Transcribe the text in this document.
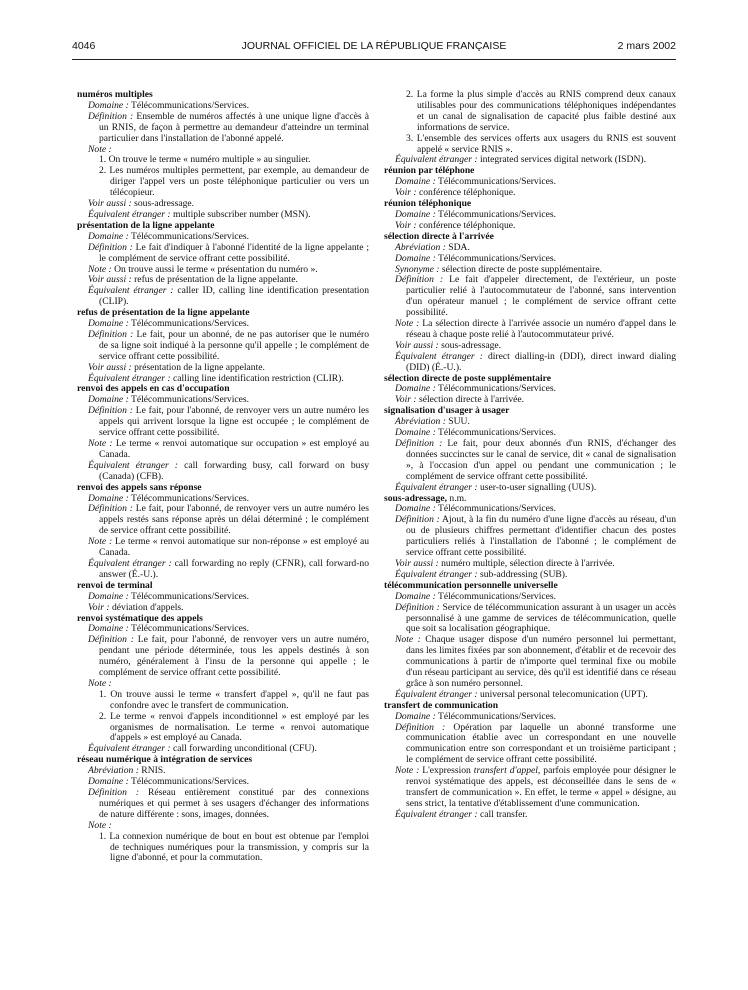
4046	JOURNAL OFFICIEL DE LA RÉPUBLIQUE FRANÇAISE	2 mars 2002

numéros multiples

Domaine : Télécommunications/Services.

Définition : Ensemble de numéros affectés à une unique ligne d'accès à un RNIS, de façon à permettre au demandeur d'atteindre un terminal particulier dans l'installation de l'abonné appelé.

Note :

1. On trouve le terme « numéro multiple » au singulier.

2. Les numéros multiples permettent, par exemple, au demandeur de diriger l'appel vers un poste téléphonique particulier ou vers un télécopieur.

Voir aussi : sous-adressage.

Équivalent étranger : multiple subscriber number (MSN).

présentation de la ligne appelante

Domaine : Télécommunications/Services.

Définition : Le fait d'indiquer à l'abonné l'identité de la ligne appelante ; le complément de service offrant cette possibilité.

Note : On trouve aussi le terme « présentation du numéro ».

Voir aussi : refus de présentation de la ligne appelante.

Équivalent étranger : caller ID, calling line identification presentation (CLIP).

refus de présentation de la ligne appelante

Domaine : Télécommunications/Services.

Définition : Le fait, pour un abonné, de ne pas autoriser que le numéro de sa ligne soit indiqué à la personne qu'il appelle ; le complément de service offrant cette possibilité.

Voir aussi : présentation de la ligne appelante.

Équivalent étranger : calling line identification restriction (CLIR).

renvoi des appels en cas d'occupation

Domaine : Télécommunications/Services.

Définition : Le fait, pour l'abonné, de renvoyer vers un autre numéro les appels qui arrivent lorsque la ligne est occupée ; le complément de service offrant cette possibilité.

Note : Le terme « renvoi automatique sur occupation » est employé au Canada.

Équivalent étranger : call forwarding busy, call forward on busy (Canada) (CFB).

renvoi des appels sans réponse

Domaine : Télécommunications/Services.

Définition : Le fait, pour l'abonné, de renvoyer vers un autre numéro les appels restés sans réponse après un délai déterminé ; le complément de service offrant cette possibilité.

Note : Le terme « renvoi automatique sur non-réponse » est employé au Canada.

Équivalent étranger : call forwarding no reply (CFNR), call forward-no answer (É.-U.).

renvoi de terminal

Domaine : Télécommunications/Services.

Voir : déviation d'appels.

renvoi systématique des appels

Domaine : Télécommunications/Services.

Définition : Le fait, pour l'abonné, de renvoyer vers un autre numéro, pendant une période déterminée, tous les appels destinés à son numéro, généralement à l'insu de la personne qui appelle ; le complément de service offrant cette possibilité.

Note :

1. On trouve aussi le terme « transfert d'appel », qu'il ne faut pas confondre avec le transfert de communication.

2. Le terme « renvoi d'appels inconditionnel » est employé par les organismes de normalisation. Le terme « renvoi automatique d'appels » est employé au Canada.

Équivalent étranger : call forwarding unconditional (CFU).

réseau numérique à intégration de services

Abréviation : RNIS.

Domaine : Télécommunications/Services.

Définition : Réseau entièrement constitué par des connexions numériques et qui permet à ses usagers d'échanger des informations de nature différente : sons, images, données.

Note :

1. La connexion numérique de bout en bout est obtenue par l'emploi de techniques numériques pour la transmission, y compris sur la ligne d'abonné, et pour la commutation.

2. La forme la plus simple d'accès au RNIS comprend deux canaux utilisables pour des communications téléphoniques indépendantes et un canal de signalisation de capacité plus faible destiné aux informations de service.

3. L'ensemble des services offerts aux usagers du RNIS est souvent appelé « service RNIS ».

Équivalent étranger : integrated services digital network (ISDN).

réunion par téléphone

Domaine : Télécommunications/Services.

Voir : conférence téléphonique.

réunion téléphonique

Domaine : Télécommunications/Services.

Voir : conférence téléphonique.

sélection directe à l'arrivée

Abréviation : SDA.

Domaine : Télécommunications/Services.

Synonyme : sélection directe de poste supplémentaire.

Définition : Le fait d'appeler directement, de l'extérieur, un poste particulier relié à l'autocommutateur de l'abonné, sans intervention d'un opérateur manuel ; le complément de service offrant cette possibilité.

Note : La sélection directe à l'arrivée associe un numéro d'appel dans le réseau à chaque poste relié à l'autocommutateur privé.

Voir aussi : sous-adressage.

Équivalent étranger : direct dialling-in (DDI), direct inward dialing (DID) (É.-U.).

sélection directe de poste supplémentaire

Domaine : Télécommunications/Services.

Voir : sélection directe à l'arrivée.

signalisation d'usager à usager

Abréviation : SUU.

Domaine : Télécommunications/Services.

Définition : Le fait, pour deux abonnés d'un RNIS, d'échanger des données succinctes sur le canal de service, dit « canal de signalisation », à l'occasion d'un appel ou pendant une communication ; le complément de service offrant cette possibilité.

Équivalent étranger : user-to-user signalling (UUS).

sous-adressage, n.m.

Domaine : Télécommunications/Services.

Définition : Ajout, à la fin du numéro d'une ligne d'accès au réseau, d'un ou de plusieurs chiffres permettant d'identifier chacun des postes particuliers reliés à l'installation de l'abonné ; le complément de service offrant cette possibilité.

Voir aussi : numéro multiple, sélection directe à l'arrivée.

Équivalent étranger : sub-addressing (SUB).

télécommunication personnelle universelle

Domaine : Télécommunications/Services.

Définition : Service de télécommunication assurant à un usager un accès personnalisé à une gamme de services de télécommunication, quelle que soit sa localisation géographique.

Note : Chaque usager dispose d'un numéro personnel lui permettant, dans les limites fixées par son abonnement, d'établir et de recevoir des communications à partir de n'importe quel terminal fixe ou mobile d'un réseau participant au service, dès qu'il est identifié dans ce réseau grâce à son numéro personnel.

Équivalent étranger : universal personal telecomunication (UPT).

transfert de communication

Domaine : Télécommunications/Services.

Définition : Opération par laquelle un abonné transforme une communication établie avec un correspondant en une nouvelle communication entre son correspondant et un troisième participant ; le complément de service offrant cette possibilité.

Note : L'expression transfert d'appel, parfois employée pour désigner le renvoi systématique des appels, est déconseillée dans le sens de « transfert de communication ». En effet, le terme « appel » désigne, au sens strict, la tentative d'établissement d'une communication.

Équivalent étranger : call transfer.
